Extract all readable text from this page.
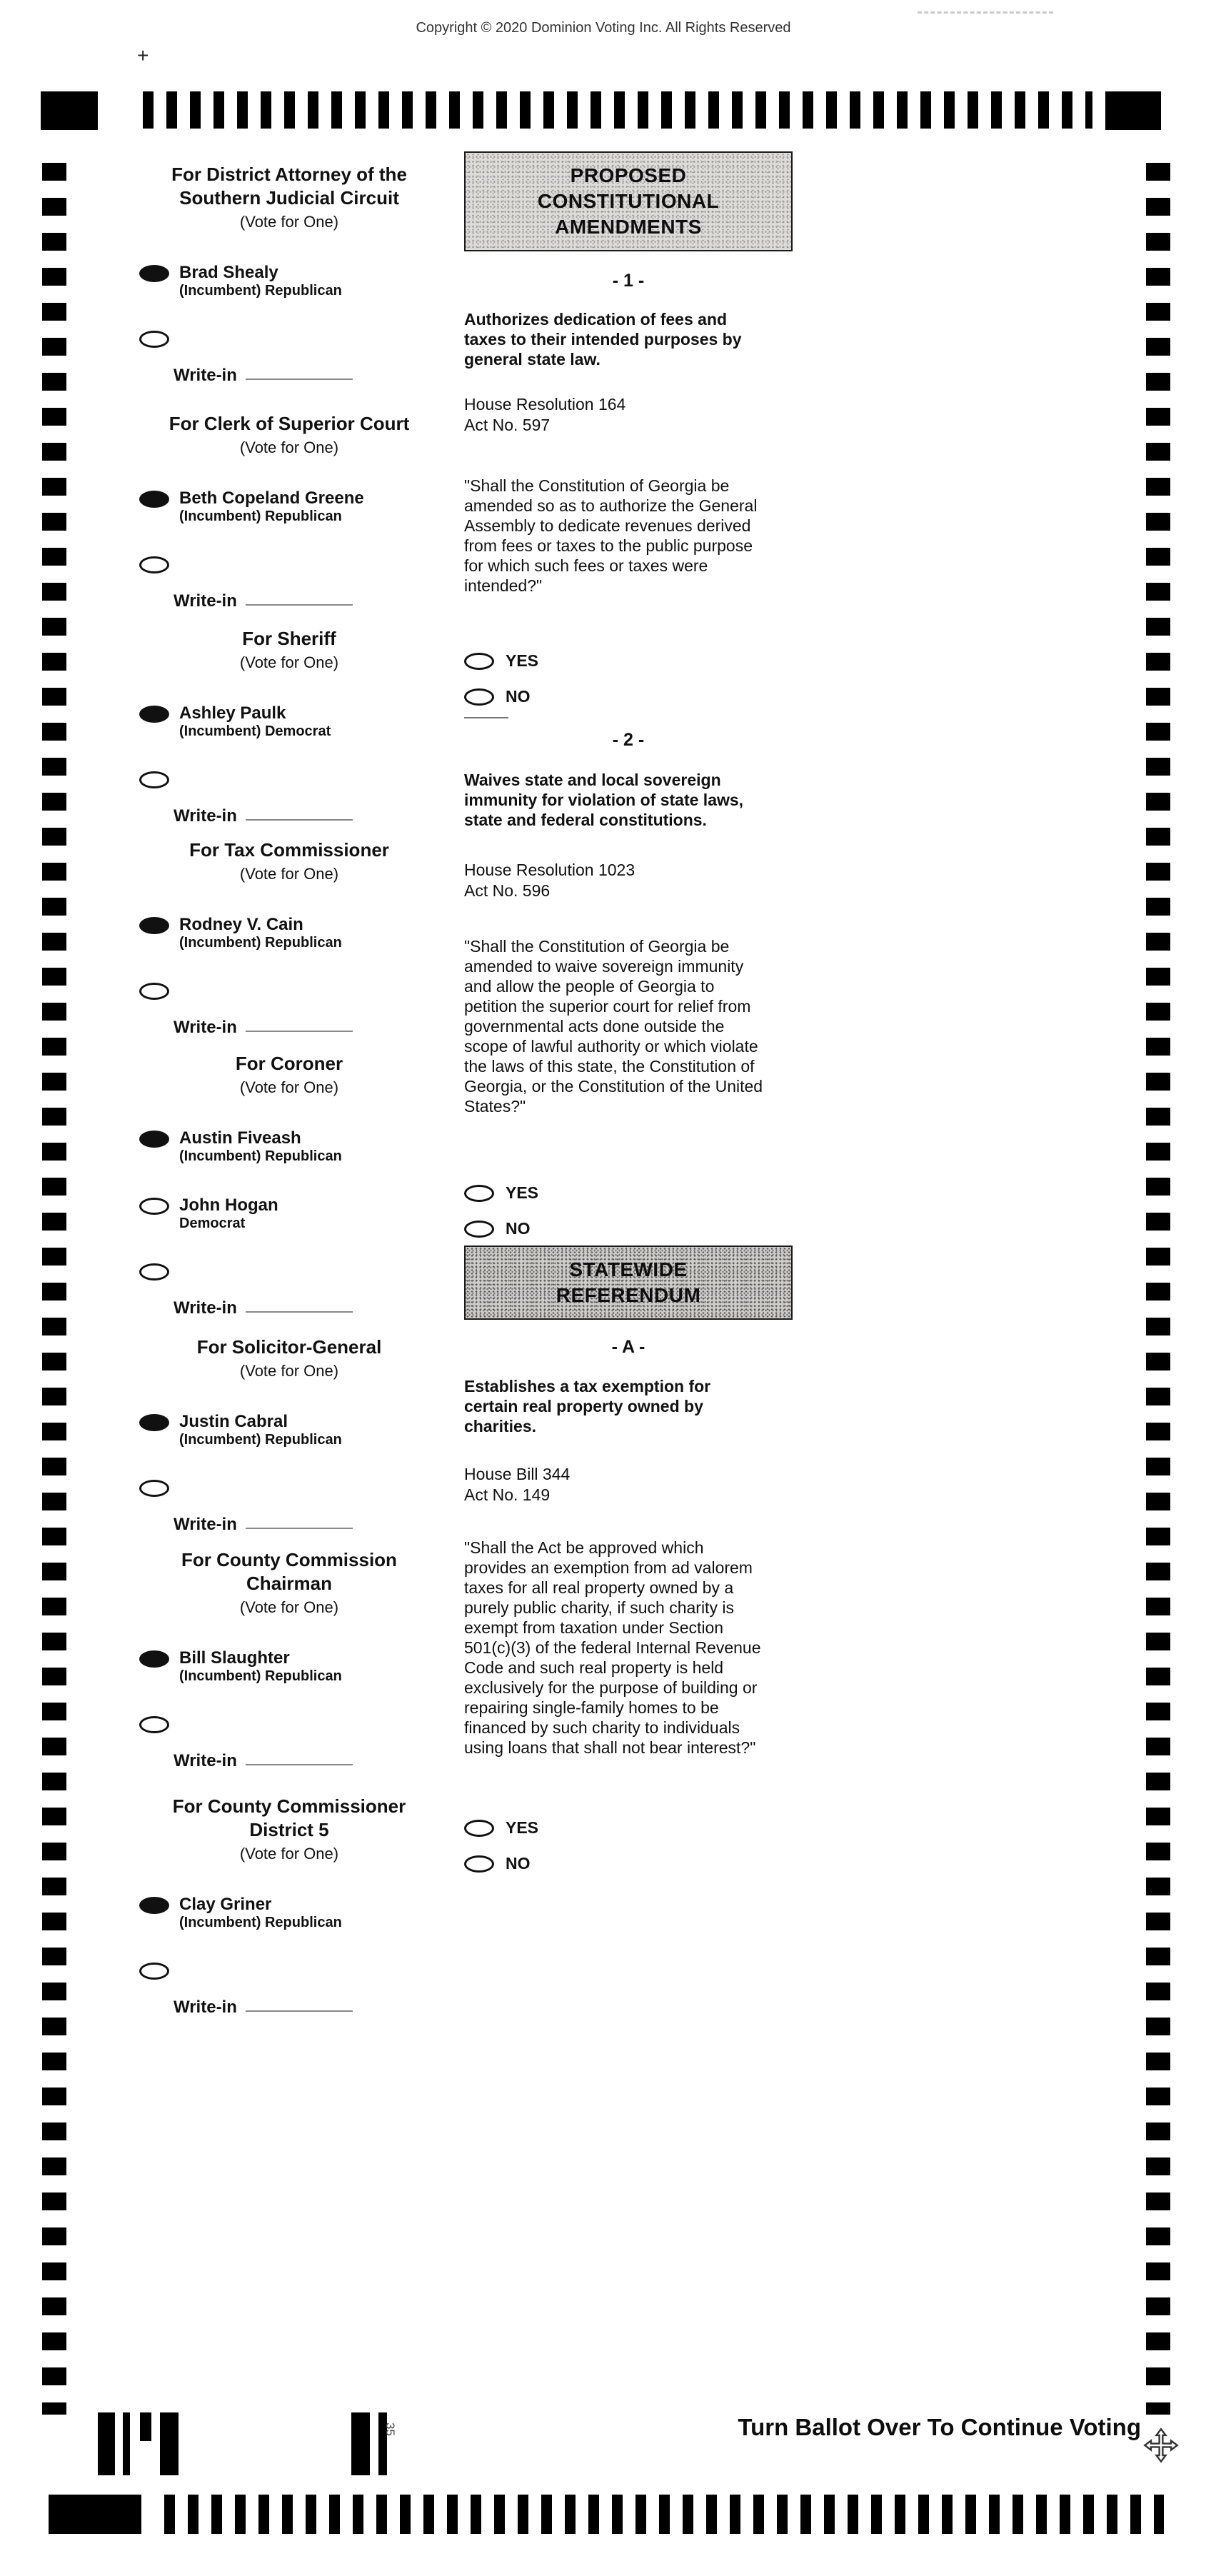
Copyright © 2020 Dominion Voting Inc. All Rights Reserved
+
For District Attorney of the Southern Judicial Circuit
(Vote for One)
Brad Shealy
(Incumbent) Republican
Write-in
For Clerk of Superior Court
(Vote for One)
Beth Copeland Greene
(Incumbent) Republican
Write-in
For Sheriff
(Vote for One)
Ashley Paulk
(Incumbent) Democrat
Write-in
For Tax Commissioner
(Vote for One)
Rodney V. Cain
(Incumbent) Republican
Write-in
For Coroner
(Vote for One)
Austin Fiveash
(Incumbent) Republican
John Hogan
Democrat
Write-in
For Solicitor-General
(Vote for One)
Justin Cabral
(Incumbent) Republican
Write-in
For County Commission Chairman
(Vote for One)
Bill Slaughter
(Incumbent) Republican
Write-in
For County Commissioner District 5
(Vote for One)
Clay Griner
(Incumbent) Republican
Write-in
PROPOSED
CONSTITUTIONAL
AMENDMENTS
- 1 -
Authorizes dedication of fees and taxes to their intended purposes by general state law.
House Resolution 164
Act No. 597
"Shall the Constitution of Georgia be amended so as to authorize the General Assembly to dedicate revenues derived from fees or taxes to the public purpose for which such fees or taxes were intended?"
YES
NO
- 2 -
Waives state and local sovereign immunity for violation of state laws, state and federal constitutions.
House Resolution 1023
Act No. 596
"Shall the Constitution of Georgia be amended to waive sovereign immunity and allow the people of Georgia to petition the superior court for relief from governmental acts done outside the scope of lawful authority or which violate the laws of this state, the Constitution of Georgia, or the Constitution of the United States?"
YES
NO
STATEWIDE
REFERENDUM
- A -
Establishes a tax exemption for certain real property owned by charities.
House Bill 344
Act No. 149
"Shall the Act be approved which provides an exemption from ad valorem taxes for all real property owned by a purely public charity, if such charity is exempt from taxation under Section 501(c)(3) of the federal Internal Revenue Code and such real property is held exclusively for the purpose of building or repairing single-family homes to be financed by such charity to individuals using loans that shall not bear interest?"
YES
NO
35	Turn Ballot Over To Continue Voting
